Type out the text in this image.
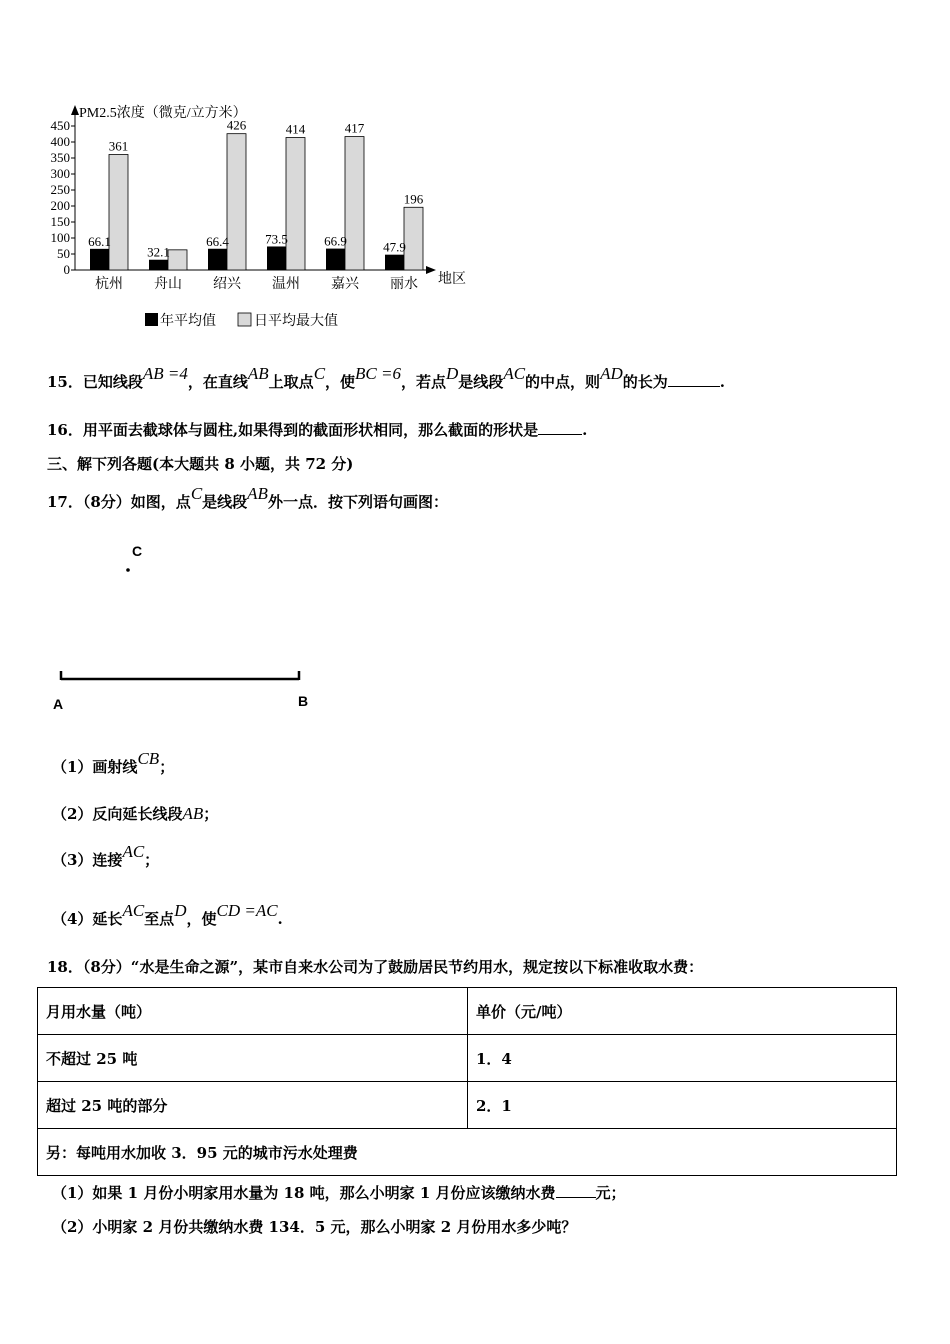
0
50
100
150
200
250
300
350
400
450
66.1
361
杭州
32.1
舟山
66.4
426
绍兴
73.5
414
温州
66.9
417
嘉兴
47.9
196
丽水
PM2.5浓度（微克/立方米）
地区
年平均值	日平均最大值
15．已知线段AB =4，在直线AB上取点C，使BC =6，若点D是线段AC的中点，则AD的长为	.
16．用平面去截球体与圆柱,如果得到的截面形状相同，那么截面的形状是	.
三、解下列各题(本大题共 8 小题，共 72 分)
17．（8分）如图，点C是线段AB外一点．按下列语句画图：
C
A	B
（1）画射线CB；
（2）反向延长线段AB；
（3）连接AC；
（4）延长AC至点D，使CD =AC.
18．（8分）“水是生命之源”，某市自来水公司为了鼓励居民节约用水，规定按以下标准收取水费：
月用水量（吨）	单价（元/吨）
不超过 25 吨	1．4
超过 25 吨的部分	2．1
另：每吨用水加收 3．95 元的城市污水处理费	
（1）如果 1 月份小明家用水量为 18 吨，那么小明家 1 月份应该缴纳水费	元；
（2）小明家 2 月份共缴纳水费 134．5 元，那么小明家 2 月份用水多少吨？
